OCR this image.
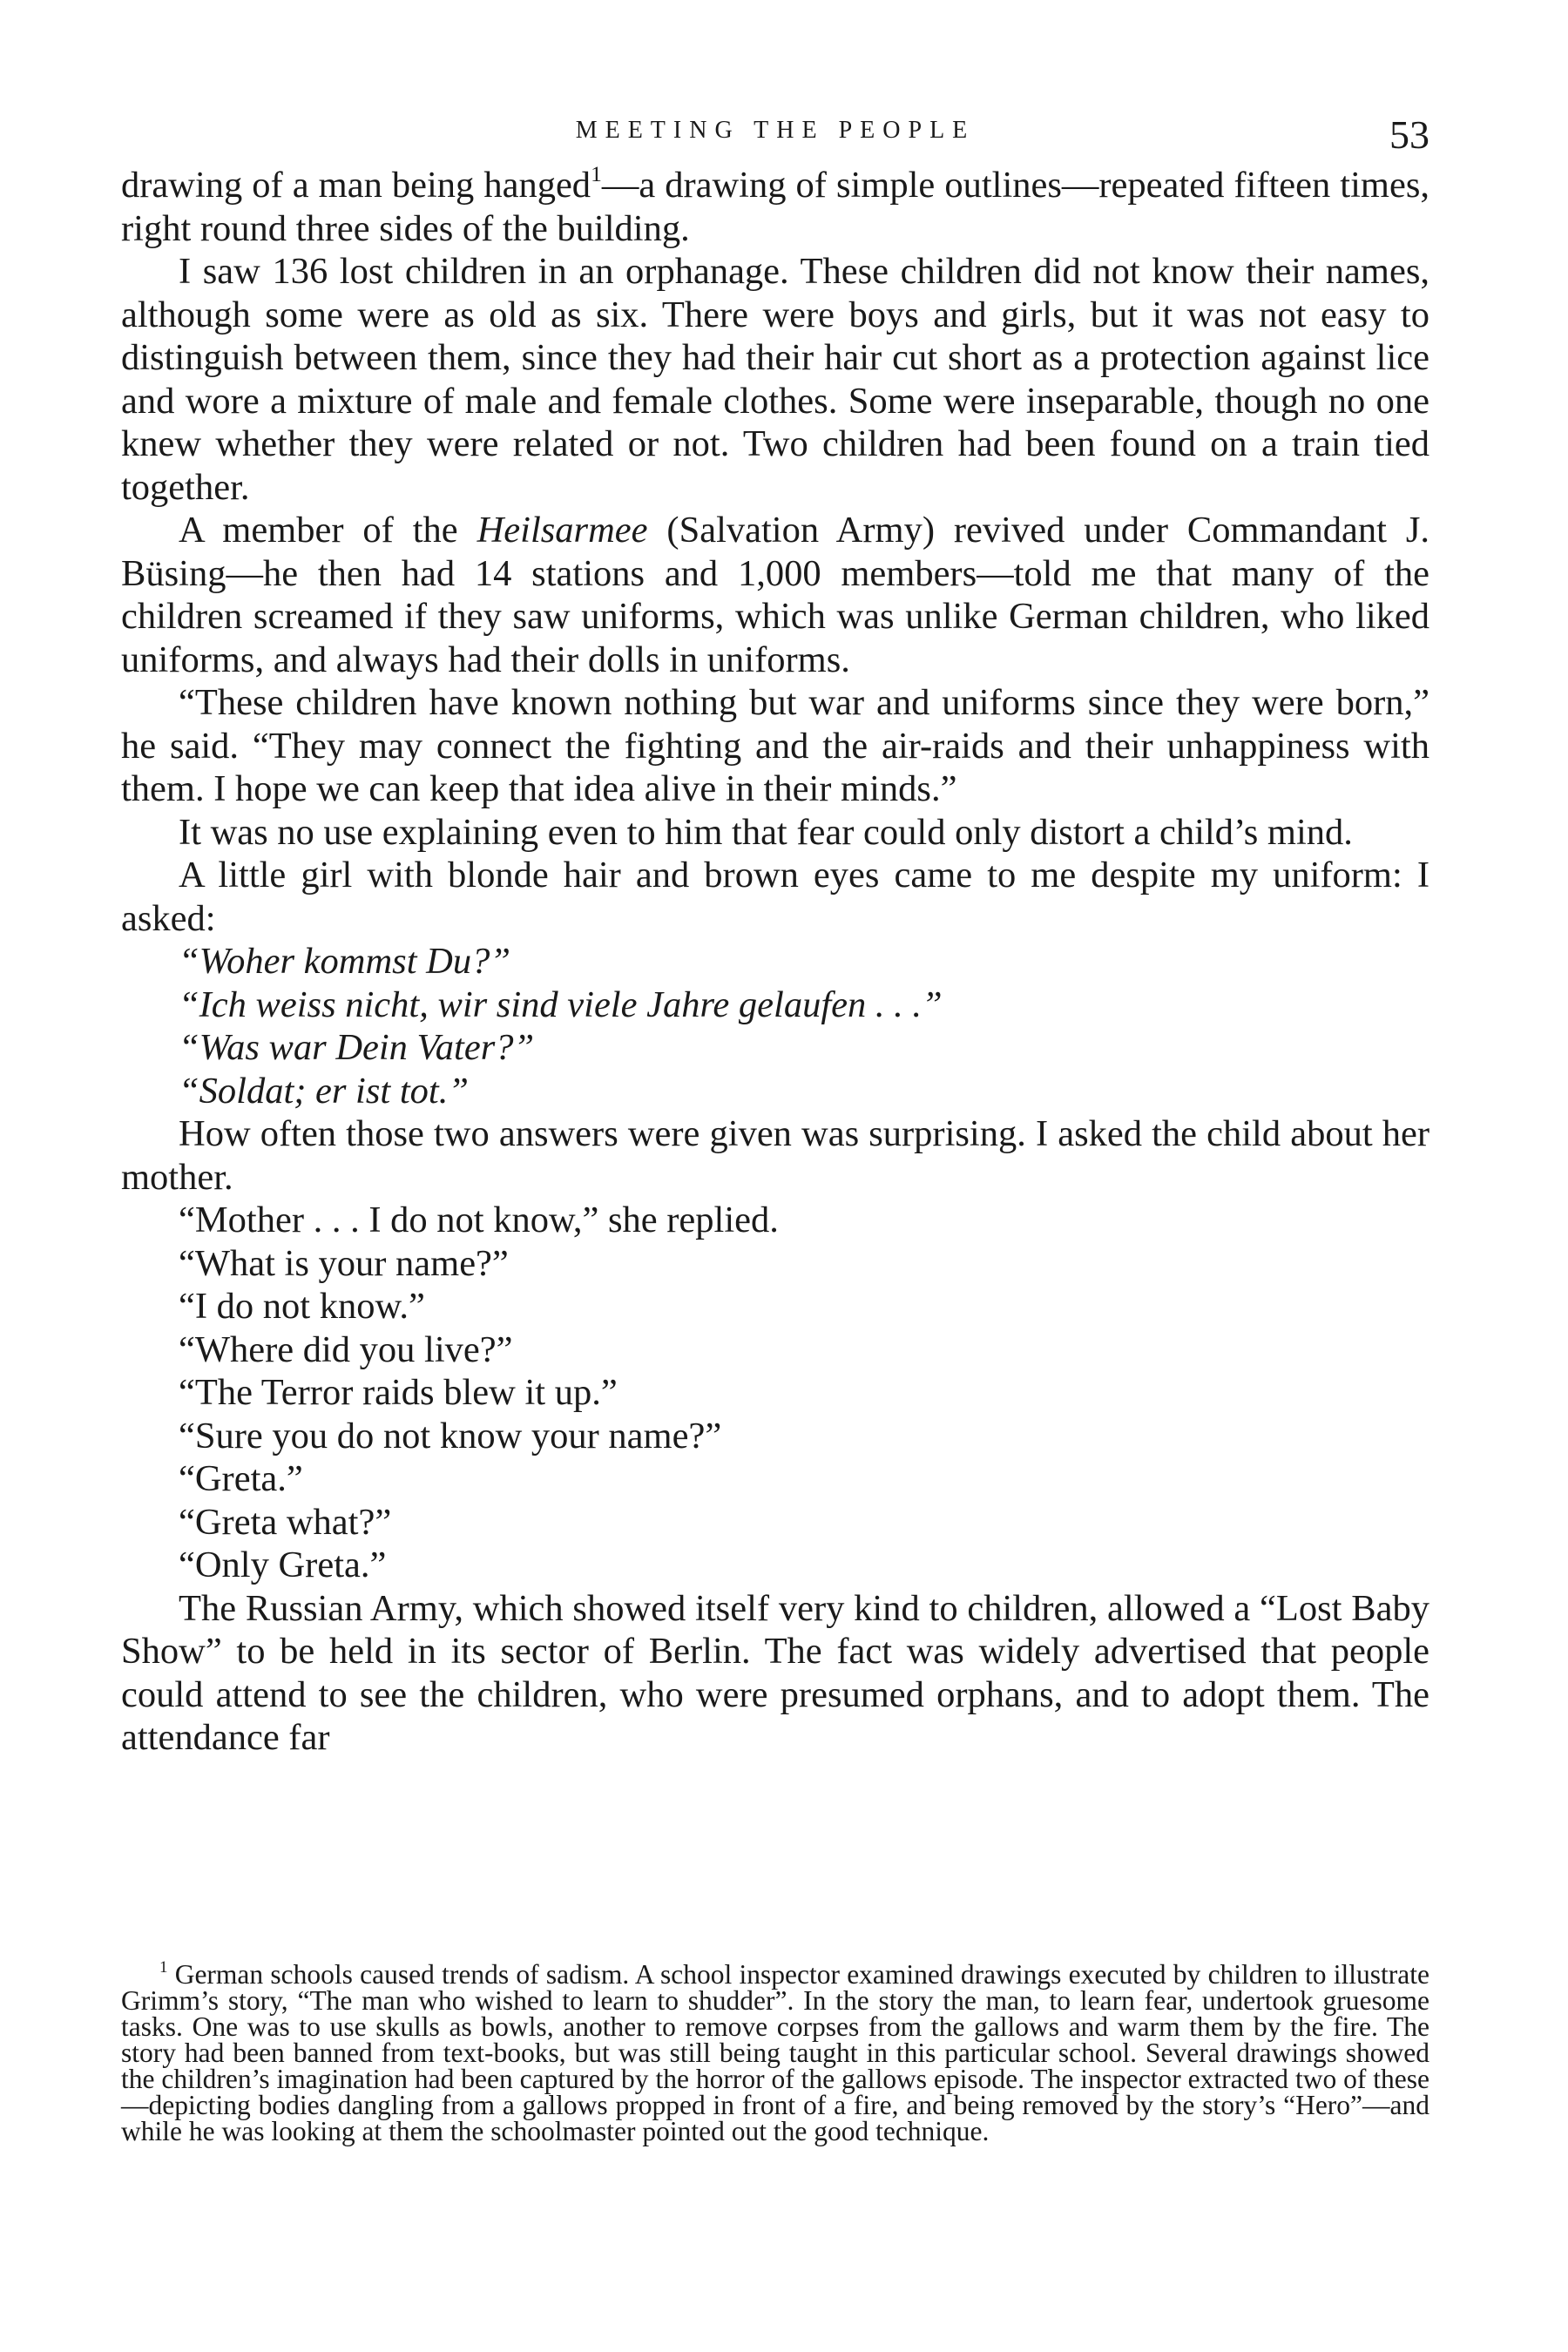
MEETING THE PEOPLE	53

drawing of a man being hanged$^1$—a drawing of simple outlines—repeated fifteen times, right round three sides of the building.

I saw 136 lost children in an orphanage. These children did not know their names, although some were as old as six. There were boys and girls, but it was not easy to distinguish between them, since they had their hair cut short as a protection against lice and wore a mixture of male and female clothes. Some were inseparable, though no one knew whether they were related or not. Two children had been found on a train tied together.

A member of the Heilsarmee (Salvation Army) revived under Commandant J. Büsing—he then had 14 stations and 1,000 members—told me that many of the children screamed if they saw uniforms, which was unlike German children, who liked uniforms, and always had their dolls in uniforms.

“These children have known nothing but war and uniforms since they were born,” he said. “They may connect the fighting and the air-raids and their unhappiness with them. I hope we can keep that idea alive in their minds.”

It was no use explaining even to him that fear could only distort a child’s mind.

A little girl with blonde hair and brown eyes came to me despite my uniform: I asked:

“Woher kommst Du?”

“Ich weiss nicht, wir sind viele Jahre gelaufen . . .”

“Was war Dein Vater?”

“Soldat; er ist tot.”

How often those two answers were given was surprising. I asked the child about her mother.

“Mother . . . I do not know,” she replied.

“What is your name?”

“I do not know.”

“Where did you live?”

“The Terror raids blew it up.”

“Sure you do not know your name?”

“Greta.”

“Greta what?”

“Only Greta.”

The Russian Army, which showed itself very kind to children, allowed a “Lost Baby Show” to be held in its sector of Berlin. The fact was widely advertised that people could attend to see the children, who were presumed orphans, and to adopt them. The attendance far

$^1$ German schools caused trends of sadism. A school inspector examined drawings executed by children to illustrate Grimm’s story, “The man who wished to learn to shudder”. In the story the man, to learn fear, undertook gruesome tasks. One was to use skulls as bowls, another to remove corpses from the gallows and warm them by the fire. The story had been banned from text-books, but was still being taught in this particular school. Several drawings showed the children’s imagination had been captured by the horror of the gallows episode. The inspector extracted two of these—depicting bodies dangling from a gallows propped in front of a fire, and being removed by the story’s “Hero”—and while he was looking at them the schoolmaster pointed out the good technique.
